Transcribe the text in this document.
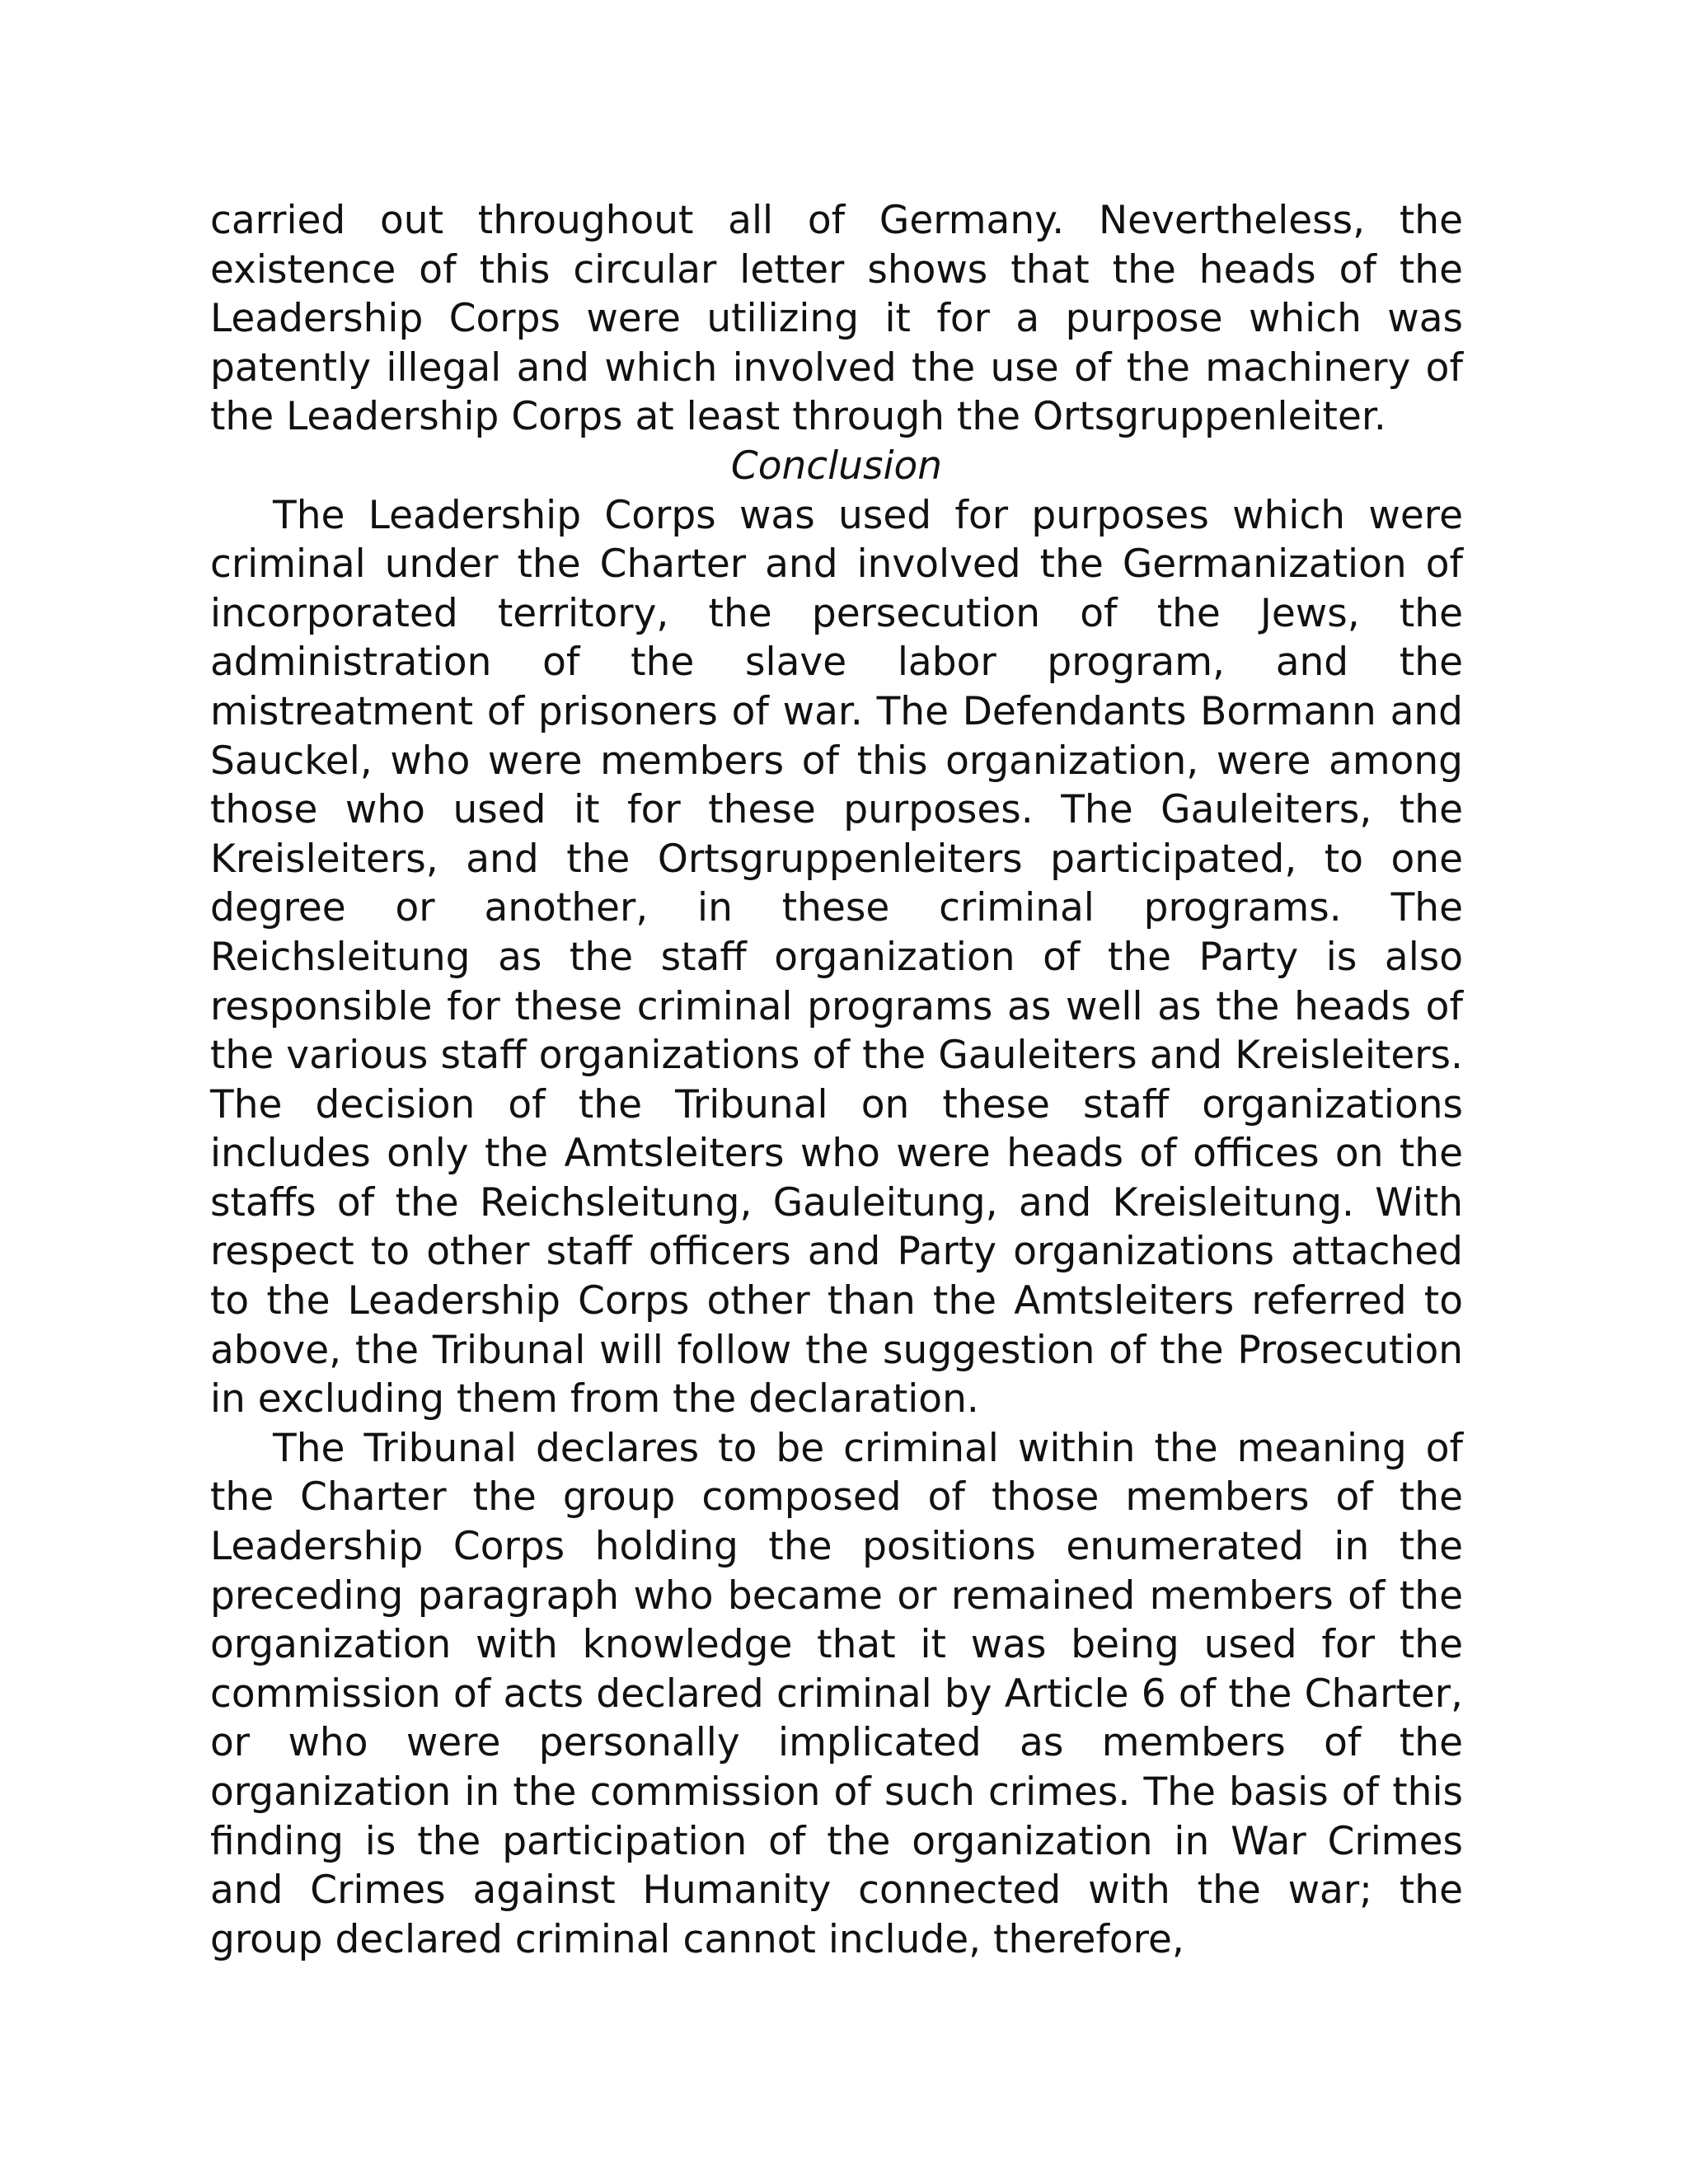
carried out throughout all of Germany. Nevertheless, the existence of this circular letter shows that the heads of the Leadership Corps were utilizing it for a purpose which was patently illegal and which involved the use of the machinery of the Leadership Corps at least through the Ortsgruppenleiter.

Conclusion

The Leadership Corps was used for purposes which were criminal under the Charter and involved the Germanization of incorporated territory, the persecution of the Jews, the administration of the slave labor program, and the mistreatment of prisoners of war. The Defendants Bormann and Sauckel, who were members of this organization, were among those who used it for these purposes. The Gauleiters, the Kreisleiters, and the Ortsgruppenleiters participated, to one degree or another, in these criminal programs. The Reichsleitung as the staff organization of the Party is also responsible for these criminal programs as well as the heads of the various staff organizations of the Gauleiters and Kreisleiters. The decision of the Tribunal on these staff organizations includes only the Amtsleiters who were heads of offices on the staffs of the Reichsleitung, Gauleitung, and Kreisleitung. With respect to other staff officers and Party organizations attached to the Leadership Corps other than the Amtsleiters referred to above, the Tribunal will follow the suggestion of the Prosecution in excluding them from the declaration.

The Tribunal declares to be criminal within the meaning of the Charter the group composed of those members of the Leadership Corps holding the positions enumerated in the preceding paragraph who became or remained members of the organization with knowledge that it was being used for the commission of acts declared criminal by Article 6 of the Charter, or who were personally implicated as members of the organization in the commission of such crimes. The basis of this finding is the participation of the organization in War Crimes and Crimes against Humanity connected with the war; the group declared criminal cannot include, therefore,
